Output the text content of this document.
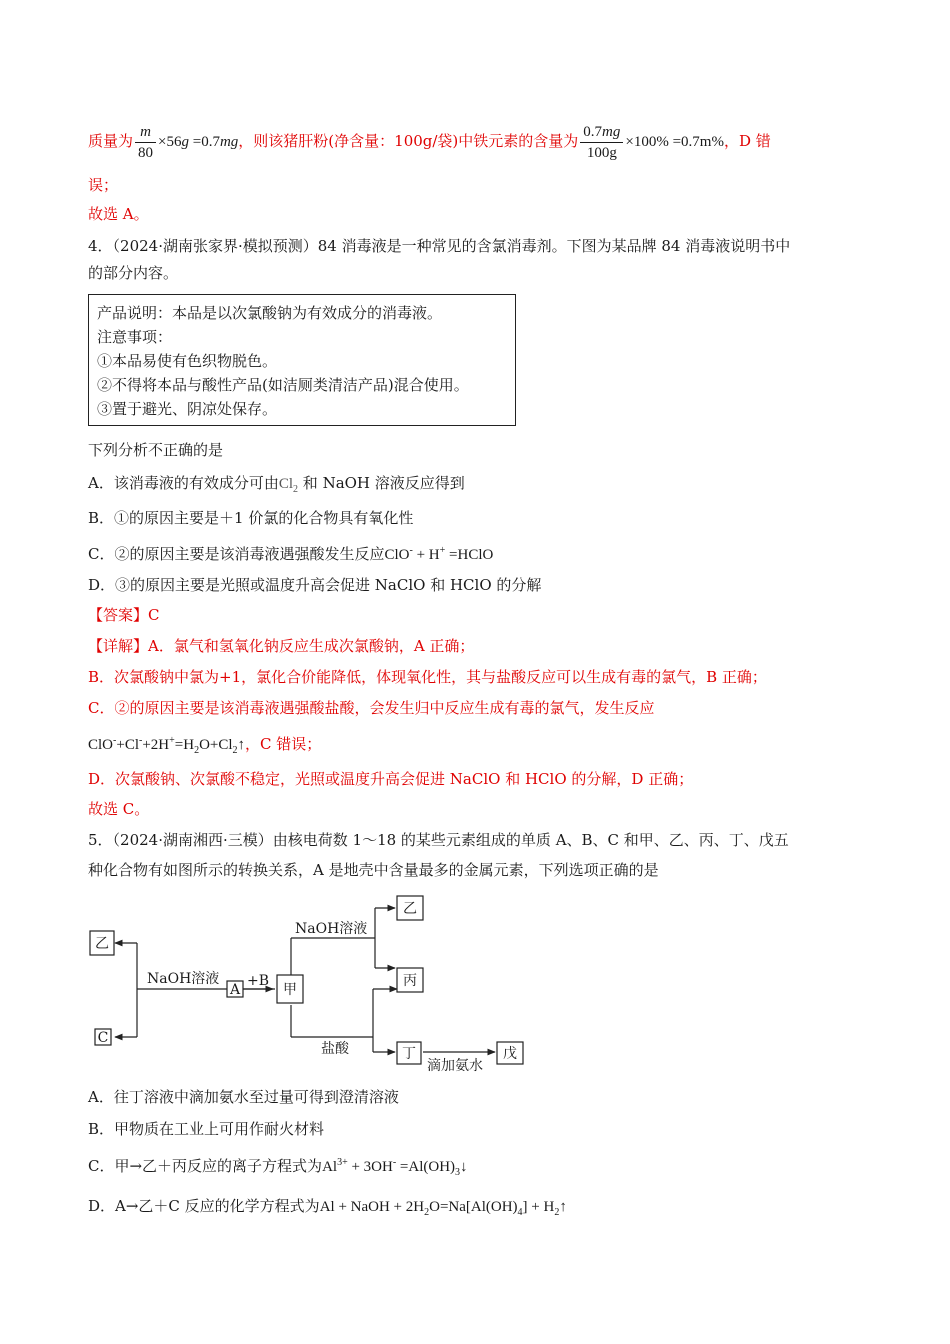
质量为 $\frac{m}{80} \times 56g =0.7mg$，则该猪肝粉(净含量：100g/袋)中铁元素的含量为 $\frac{0.7mg}{100g} \times 100\% =0.7m\%$，D 错
误；
故选 A。
4．（2024·湖南张家界·模拟预测）84 消毒液是一种常见的含氯消毒剂。下图为某品牌 84 消毒液说明书中
的部分内容。
产品说明：本品是以次氯酸钠为有效成分的消毒液。
注意事项：
①本品易使有色织物脱色。
②不得将本品与酸性产品(如洁厕类清洁产品)混合使用。
③置于避光、阴凉处保存。
下列分析不正确的是
A．该消毒液的有效成分可由$Cl_2$ 和 NaOH 溶液反应得到
B．①的原因主要是＋1 价氯的化合物具有氧化性
C．②的原因主要是该消毒液遇强酸发生反应ClO- + H+ =HClO
D．③的原因主要是光照或温度升高会促进 NaClO 和 HClO 的分解
【答案】C
【详解】A．氯气和氢氧化钠反应生成次氯酸钠，A 正确；
B．次氯酸钠中氯为+1，氯化合价能降低，体现氧化性，其与盐酸反应可以生成有毒的氯气，B 正确；
C．②的原因主要是该消毒液遇强酸盐酸，会发生归中反应生成有毒的氯气，发生反应
$ClO^-+Cl^-+2H^+=H_2O+Cl_2↑$，C 错误；
D．次氯酸钠、次氯酸不稳定，光照或温度升高会促进 NaClO 和 HClO 的分解，D 正确；
故选 C。
5．（2024·湖南湘西·三模）由核电荷数 1～18 的某些元素组成的单质 A、B、C 和甲、乙、丙、丁、戊五
种化合物有如图所示的转换关系，A 是地壳中含量最多的金属元素，下列选项正确的是
乙
C
NaOH溶液
A
+B
甲
NaOH溶液
乙
丙
盐酸	丁
滴加氨水
戊
A．往丁溶液中滴加氨水至过量可得到澄清溶液
B．甲物质在工业上可用作耐火材料
C．甲→乙＋丙反应的离子方程式为$Al^{3+} + 3OH^-$ $=Al(OH)_3↓$
D．A→乙＋C 反应的化学方程式为Al + NaOH + $2H_2O=Na[Al(OH)_4]$ + $H_2↑$
